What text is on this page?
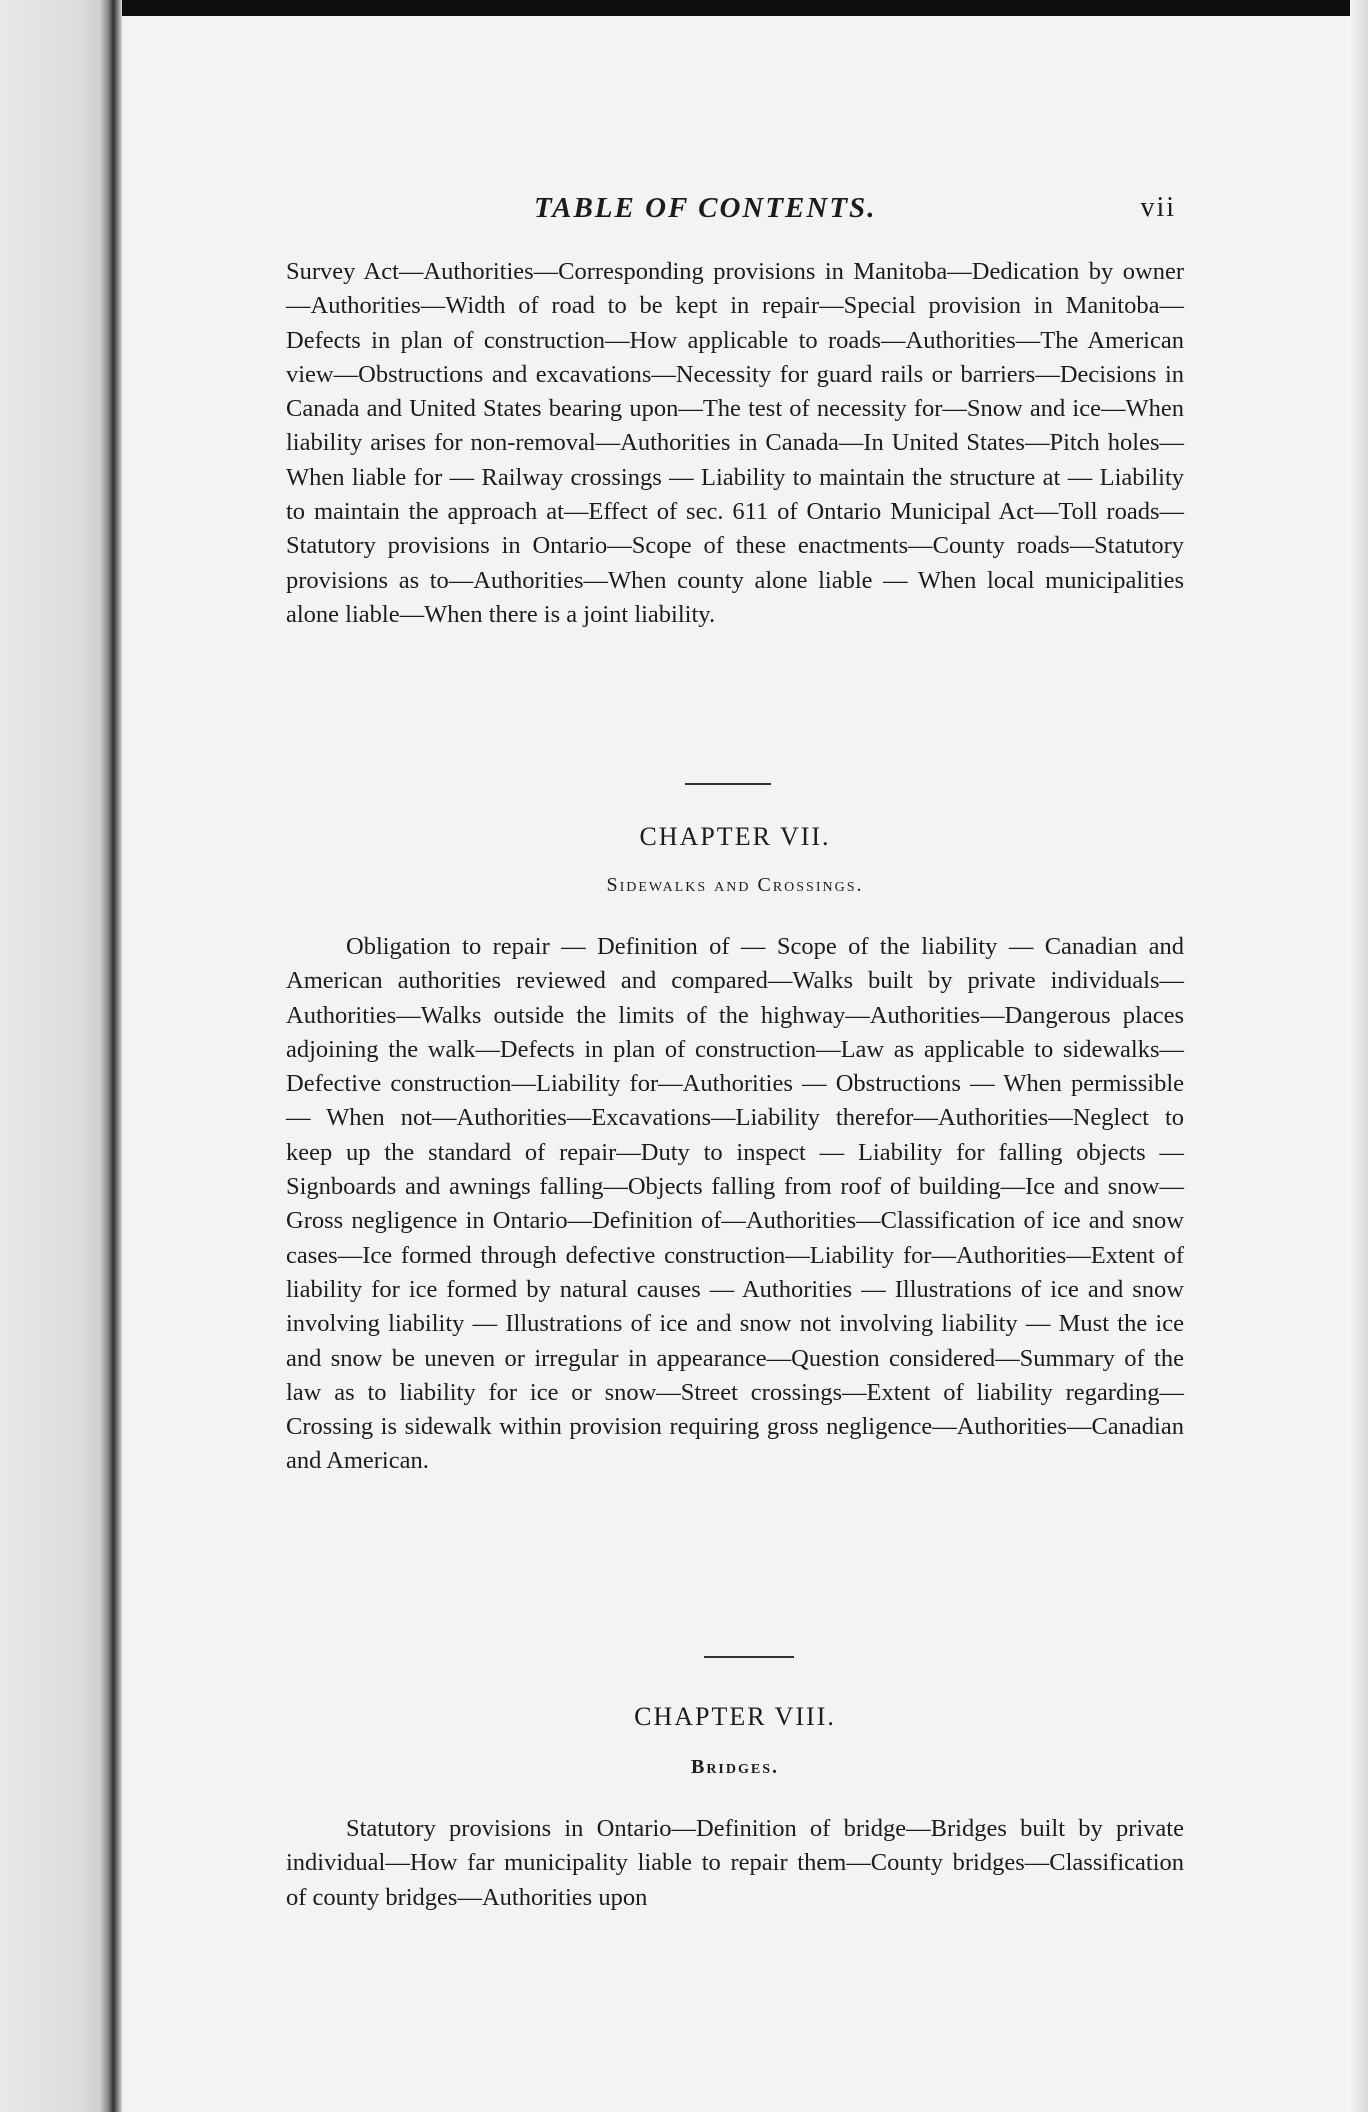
TABLE OF CONTENTS.	vii

Survey Act—Authorities—Corresponding provisions in Manitoba—Dedication by owner—Authorities—Width of road to be kept in repair—Special provision in Manitoba—Defects in plan of construction—How applicable to roads—Authorities—The American view—Obstructions and excavations—Necessity for guard rails or barriers—Decisions in Canada and United States bearing upon—The test of necessity for—Snow and ice—When liability arises for non-removal—Authorities in Canada—In United States—Pitch holes—When liable for — Railway crossings — Liability to maintain the structure at — Liability to maintain the approach at—Effect of sec. 611 of Ontario Municipal Act—Toll roads—Statutory provisions in Ontario—Scope of these enactments—County roads—Statutory provisions as to—Authorities—When county alone liable — When local municipalities alone liable—When there is a joint liability.

CHAPTER VII.
Sidewalks and Crossings.

Obligation to repair — Definition of — Scope of the liability — Canadian and American authorities reviewed and compared—Walks built by private individuals—Authorities—Walks outside the limits of the highway—Authorities—Dangerous places adjoining the walk—Defects in plan of construction—Law as applicable to sidewalks—Defective construction—Liability for—Authorities — Obstructions — When permissible — When not—Authorities—Excavations—Liability therefor—Authorities—Neglect to keep up the standard of repair—Duty to inspect — Liability for falling objects — Signboards and awnings falling—Objects falling from roof of building—Ice and snow—Gross negligence in Ontario—Definition of—Authorities—Classification of ice and snow cases—Ice formed through defective construction—Liability for—Authorities—Extent of liability for ice formed by natural causes — Authorities — Illustrations of ice and snow involving liability — Illustrations of ice and snow not involving liability — Must the ice and snow be uneven or irregular in appearance—Question considered—Summary of the law as to liability for ice or snow—Street crossings—Extent of liability regarding—Crossing is sidewalk within provision requiring gross negligence—Authorities—Canadian and American.

CHAPTER VIII.
Bridges.

Statutory provisions in Ontario—Definition of bridge—Bridges built by private individual—How far municipality liable to repair them—County bridges—Classification of county bridges—Authorities upon
